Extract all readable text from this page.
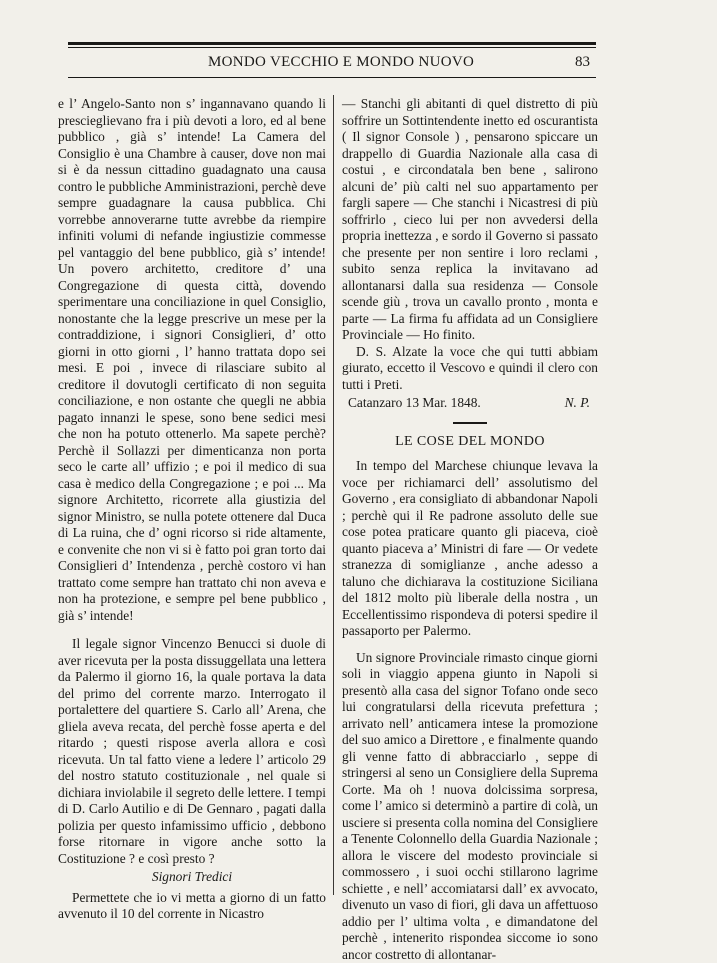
MONDO VECCHIO E MONDO NUOVO	83

e l’ Angelo-Santo non s’ ingannavano quando li prescieglievano fra i più devoti a loro, ed al bene pubblico , già s’ intende! La Camera del Consiglio è una Chambre à causer, dove non mai si è da nessun cittadino guadagnato una causa contro le pubbliche Amministrazioni, perchè deve sempre guadagnare la causa pubblica. Chi vorrebbe annoverarne tutte avrebbe da riempire infiniti volumi di nefande ingiustizie commesse pel vantaggio del bene pubblico, già s’ intende! Un povero architetto, creditore d’ una Congregazione di questa città, dovendo sperimentare una conciliazione in quel Consiglio, nonostante che la legge prescrive un mese per la contraddizione, i signori Consiglieri, d’ otto giorni in otto giorni , l’ hanno trattata dopo sei mesi. E poi , invece di rilasciare subito al creditore il dovutogli certificato di non seguita conciliazione, e non ostante che quegli ne abbia pagato innanzi le spese, sono bene sedici mesi che non ha potuto ottenerlo. Ma sapete perchè? Perchè il Sollazzi per dimenticanza non porta seco le carte all’ uffizio ; e poi il medico di sua casa è medico della Congregazione ; e poi ... Ma signore Architetto, ricorrete alla giustizia del signor Ministro, se nulla potete ottenere dal Duca di La ruina, che d’ ogni ricorso si ride altamente, e convenite che non vi si è fatto poi gran torto dai Consiglieri d’ Intendenza , perchè costoro vi han trattato come sempre han trattato chi non aveva e non ha protezione, e sempre pel bene pubblico , già s’ intende!

Il legale signor Vincenzo Benucci si duole di aver ricevuta per la posta dissuggellata una lettera da Palermo il giorno 16, la quale portava la data del primo del corrente marzo. Interrogato il portalettere del quartiere S. Carlo all’ Arena, che gliela aveva recata, del perchè fosse aperta e del ritardo ; questi rispose averla allora e così ricevuta. Un tal fatto viene a ledere l’ articolo 29 del nostro statuto costituzionale , nel quale si dichiara inviolabile il segreto delle lettere. I tempi di D. Carlo Autilio e di De Gennaro , pagati dalla polizia per questo infamissimo ufficio , debbono forse ritornare in vigore anche sotto la Costituzione ? e così presto ?

Signori Tredici

Permettete che io vi metta a giorno di un fatto avvenuto il 10 del corrente in Nicastro

— Stanchi gli abitanti di quel distretto di più soffrire un Sottintendente inetto ed oscurantista ( Il signor Console ) , pensarono spiccare un drappello di Guardia Nazionale alla casa di costui , e circondatala ben bene , salirono alcuni de’ più calti nel suo appartamento per fargli sapere — Che stanchi i Nicastresi di più soffrirlo , cieco lui per non avvedersi della propria inettezza , e sordo il Governo si passato che presente per non sentire i loro reclami , subito senza replica la invitavano ad allontanarsi dalla sua residenza — Console scende giù , trova un cavallo pronto , monta e parte — La firma fu affidata ad un Consigliere Provinciale — Ho finito.

D. S. Alzate la voce che qui tutti abbiam giurato, eccetto il Vescovo e quindi il clero con tutti i Preti.

Catanzaro 13 Mar. 1848.	N. P.
LE COSE DEL MONDO

In tempo del Marchese chiunque levava la voce per richiamarci dell’ assolutismo del Governo , era consigliato di abbandonar Napoli ; perchè qui il Re padrone assoluto delle sue cose potea praticare quanto gli piaceva, cioè quanto piaceva a’ Ministri di fare — Or vedete stranezza di somiglianze , anche adesso a taluno che dichiarava la costituzione Siciliana del 1812 molto più liberale della nostra , un Eccellentissimo rispondeva di potersi spedire il passaporto per Palermo.

Un signore Provinciale rimasto cinque giorni soli in viaggio appena giunto in Napoli si presentò alla casa del signor Tofano onde seco lui congratularsi della ricevuta prefettura ; arrivato nell’ anticamera intese la promozione del suo amico a Direttore , e finalmente quando gli venne fatto di abbracciarlo , seppe di stringersi al seno un Consigliere della Suprema Corte. Ma oh ! nuova dolcissima sorpresa, come l’ amico si determinò a partire di colà, un usciere si presenta colla nomina del Consigliere a Tenente Colonnello della Guardia Nazionale ; allora le viscere del modesto provinciale si commossero , i suoi occhi stillarono lagrime schiette , e nell’ accomiatarsi dall’ ex avvocato, divenuto un vaso di fiori, gli dava un affettuoso addio per l’ ultima volta , e dimandatone del perchè , intenerito rispondea siccome io sono ancor costretto di allontanar-
